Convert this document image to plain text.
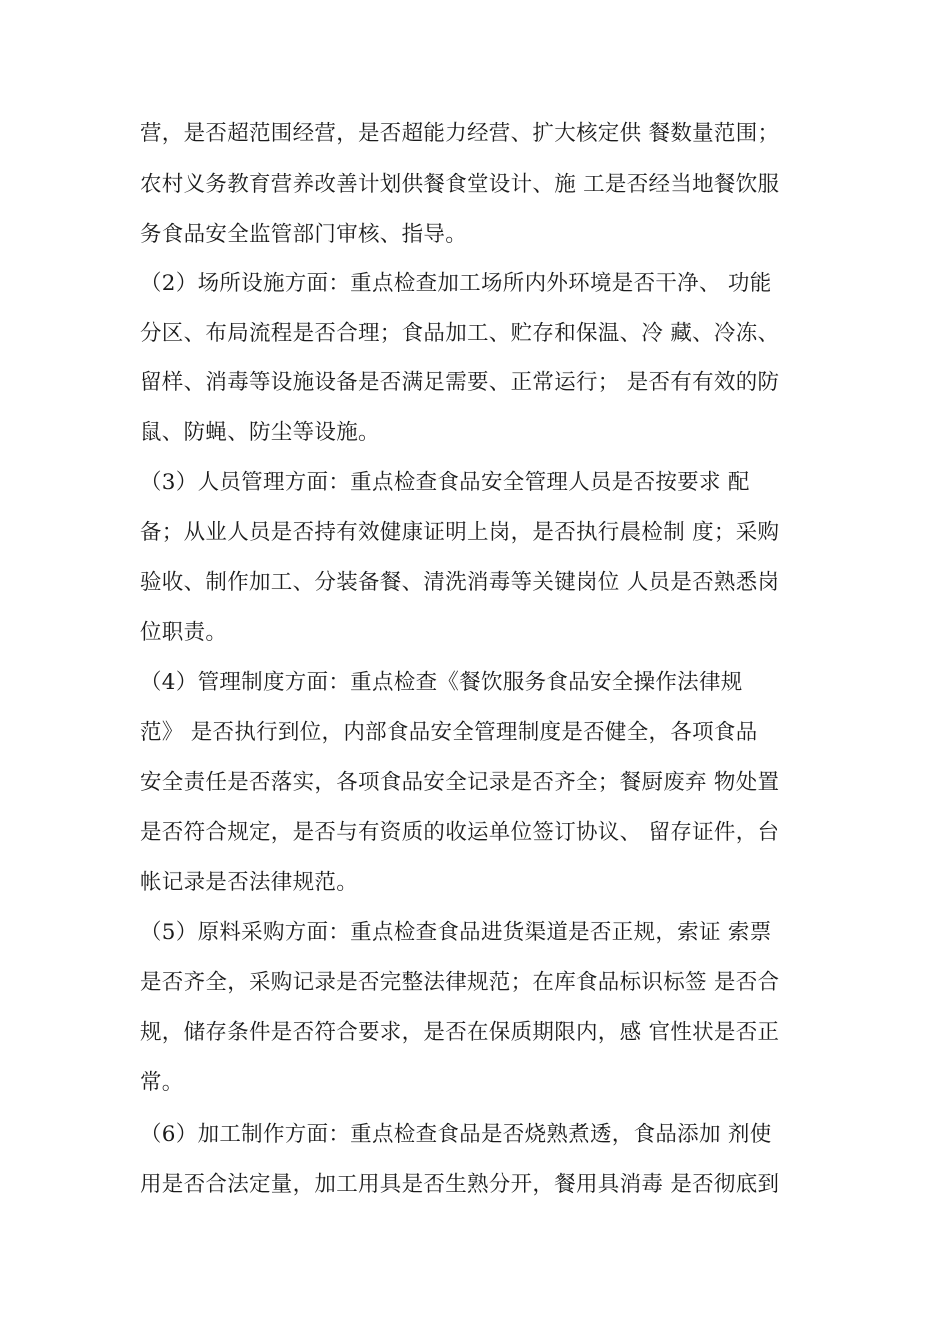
营，是否超范围经营，是否超能力经营、扩大核定供 餐数量范围；
农村义务教育营养改善计划供餐食堂设计、施 工是否经当地餐饮服
务食品安全监管部门审核、指导。
（2）场所设施方面：重点检查加工场所内外环境是否干净、 功能
分区、布局流程是否合理；食品加工、贮存和保温、冷 藏、冷冻、
留样、消毒等设施设备是否满足需要、正常运行； 是否有有效的防
鼠、防蝇、防尘等设施。
（3）人员管理方面：重点检查食品安全管理人员是否按要求 配
备；从业人员是否持有效健康证明上岗，是否执行晨检制 度；采购
验收、制作加工、分装备餐、清洗消毒等关键岗位 人员是否熟悉岗
位职责。
（4）管理制度方面：重点检查《餐饮服务食品安全操作法律规
范》 是否执行到位，内部食品安全管理制度是否健全，各项食品
安全责任是否落实，各项食品安全记录是否齐全；餐厨废弃 物处置
是否符合规定，是否与有资质的收运单位签订协议、 留存证件，台
帐记录是否法律规范。
（5）原料采购方面：重点检查食品进货渠道是否正规，索证 索票
是否齐全，采购记录是否完整法律规范；在库食品标识标签 是否合
规，储存条件是否符合要求，是否在保质期限内，感 官性状是否正
常。
（6）加工制作方面：重点检查食品是否烧熟煮透，食品添加 剂使
用是否合法定量，加工用具是否生熟分开，餐用具消毒 是否彻底到
